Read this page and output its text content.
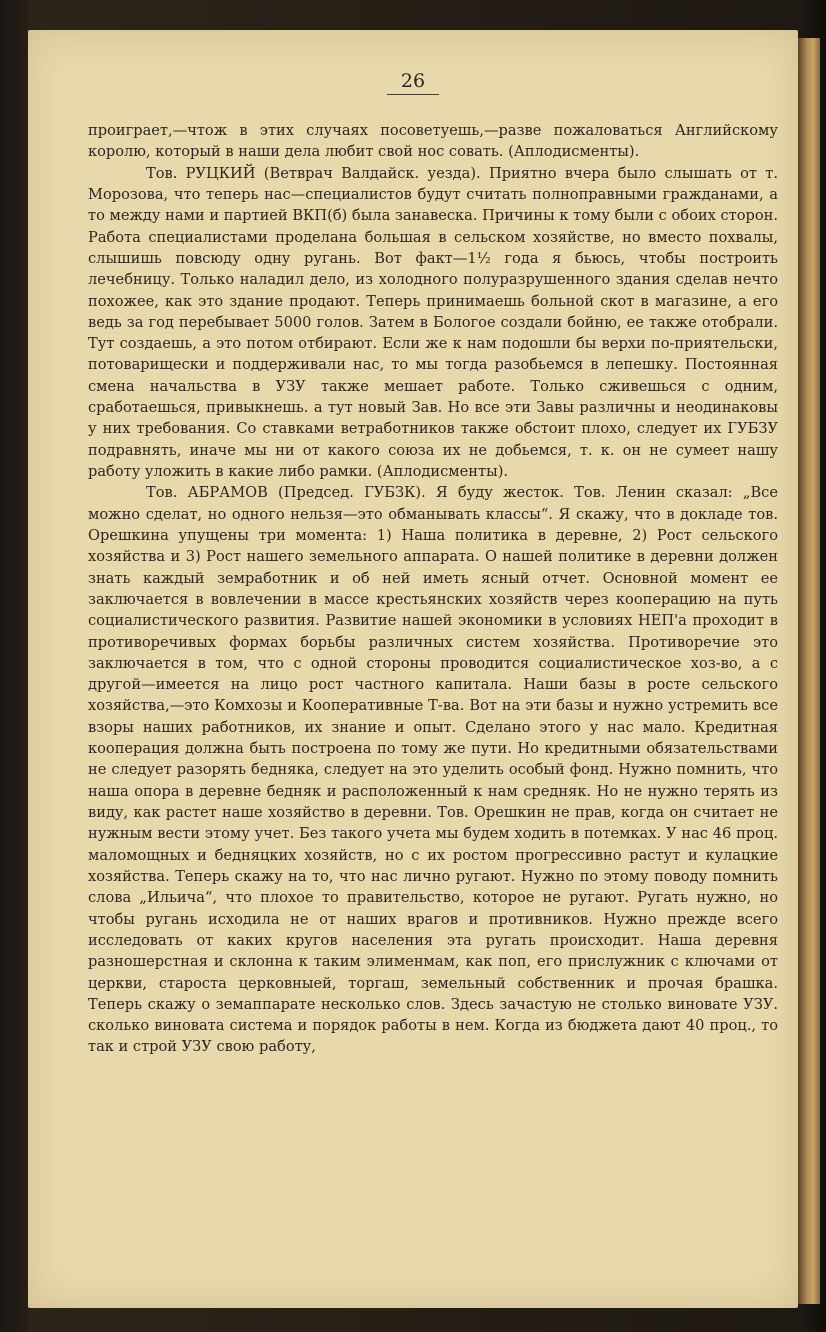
26

проиграет,—чтож в этих случаях посоветуешь,—разве пожаловаться Английскому королю, который в наши дела любит свой нос совать. (Аплодисменты).

Тов. РУЦКИЙ (Ветврач Валдайск. уезда). Приятно вчера было слышать от т. Морозова, что теперь нас—специалистов будут считать полноправными гражданами, а то между нами и партией ВКП(б) была занавеска. Причины к тому были с обоих сторон. Работа специалистами проделана большая в сельском хозяйстве, но вместо похвалы, слышишь повсюду одну ругань. Вот факт—1½ года я бьюсь, чтобы построить лечебницу. Только наладил дело, из холодного полуразрушенного здания сделав нечто похожее, как это здание продают. Теперь принимаешь больной скот в магазине, а его ведь за год перебывает 5000 голов. Затем в Бологое создали бойню, ее также отобрали. Тут создаешь, а это потом отбирают. Если же к нам подошли бы верхи по-приятельски, потоварищески и поддерживали нас, то мы тогда разобьемся в лепешку. Постоянная смена начальства в УЗУ также мешает работе. Только сживешься с одним, сработаешься, привыкнешь. а тут новый Зав. Но все эти Завы различны и неодинаковы у них требования. Со ставками ветработников также обстоит плохо, следует их ГУБЗУ подравнять, иначе мы ни от какого союза их не добьемся, т. к. он не сумеет нашу работу уложить в какие либо рамки. (Аплодисменты).

Тов. АБРАМОВ (Председ. ГУБЗК). Я буду жесток. Тов. Ленин сказал: „Все можно сделат, но одного нельзя—это обманывать классы“. Я скажу, что в докладе тов. Орешкина упущены три момента: 1) Наша политика в деревне, 2) Рост сельского хозяйства и 3) Рост нашего земельного аппарата. О нашей политике в деревни должен знать каждый земработник и об ней иметь ясный отчет. Основной момент ее заключается в вовлечении в массе крестьянских хозяйств через кооперацию на путь социалистического развития. Развитие нашей экономики в условиях НЕП'а проходит в противоречивых формах борьбы различных систем хозяйства. Противоречие это заключается в том, что с одной стороны проводится социалистическое хоз-во, а с другой—имеется на лицо рост частного капитала. Наши базы в росте сельского хозяйства,—это Комхозы и Кооперативные Т-ва. Вот на эти базы и нужно устремить все взоры наших работников, их знание и опыт. Сделано этого у нас мало. Кредитная кооперация должна быть построена по тому же пути. Но кредитными обязательствами не следует разорять бедняка, следует на это уделить особый фонд. Нужно помнить, что наша опора в деревне бедняк и расположенный к нам средняк. Но не нужно терять из виду, как растет наше хозяйство в деревни. Тов. Орешкин не прав, когда он считает не нужным вести этому учет. Без такого учета мы будем ходить в потемках. У нас 46 проц. маломощных и бедняцких хозяйств, но с их ростом прогрессивно растут и кулацкие хозяйства. Теперь скажу на то, что нас лично ругают. Нужно по этому поводу помнить слова „Ильича“, что плохое то правительство, которое не ругают. Ругать нужно, но чтобы ругань исходила не от наших врагов и противников. Нужно прежде всего исследовать от каких кругов населения эта ругать происходит. Наша деревня разношерстная и склонна к таким элименмам, как поп, его прислужник с ключами от церкви, староста церковныей, торгаш, земельный собственник и прочая брашка. Теперь скажу о земаппарате несколько слов. Здесь зачастую не столько виновате УЗУ. сколько виновата система и порядок работы в нем. Когда из бюджета дают 40 проц., то так и строй УЗУ свою работу,
